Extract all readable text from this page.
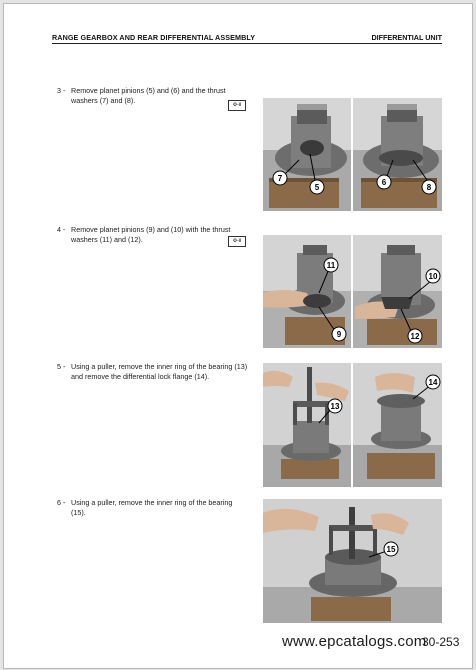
RANGE GEARBOX AND REAR DIFFERENTIAL ASSEMBLY	DIFFERENTIAL UNIT
3 - Remove planet pinions (5) and (6) and the thrust
washers (7) and (8).	⚙-Ⅱ
7
5
6
8
4 - Remove planet pinions (9) and (10) with the thrust
washers (11) and (12).	⚙-Ⅱ
11
9
10
12
5 - Using a puller, remove the inner ring of the bearing (13)
and remove the differential lock flange (14).
13
14
6 - Using a puller, remove the inner ring of the bearing
(15).
15
www.epcatalogs.com
30-253
